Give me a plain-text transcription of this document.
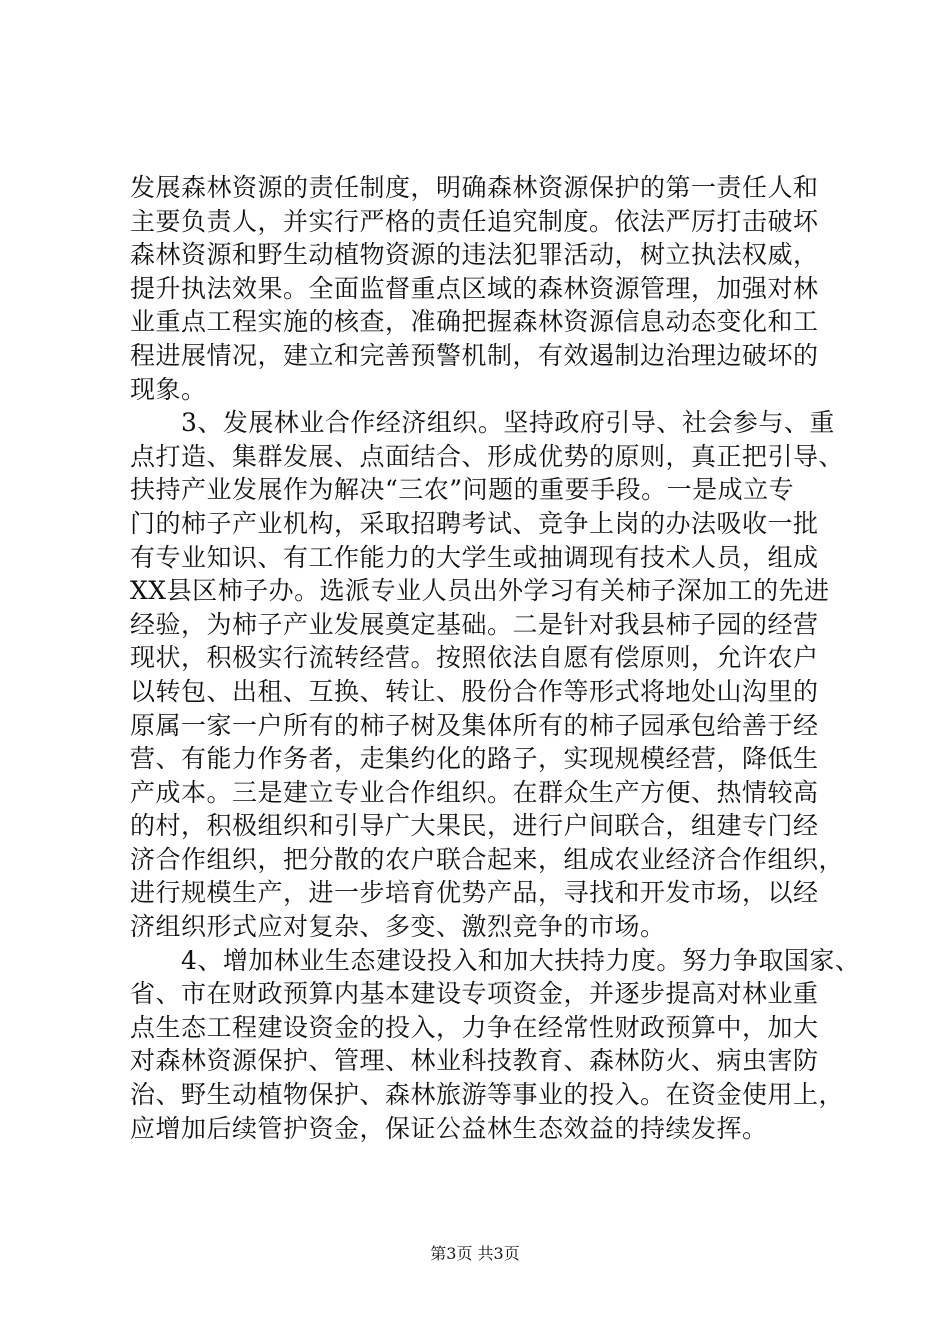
发展森林资源的责任制度，明确森林资源保护的第一责任人和
主要负责人，并实行严格的责任追究制度。依法严厉打击破坏
森林资源和野生动植物资源的违法犯罪活动，树立执法权威，
提升执法效果。全面监督重点区域的森林资源管理，加强对林
业重点工程实施的核查，准确把握森林资源信息动态变化和工
程进展情况，建立和完善预警机制，有效遏制边治理边破坏的
现象。
　　3、发展林业合作经济组织。坚持政府引导、社会参与、重
点打造、集群发展、点面结合、形成优势的原则，真正把引导、
扶持产业发展作为解决“三农”问题的重要手段。一是成立专
门的柿子产业机构，采取招聘考试、竞争上岗的办法吸收一批
有专业知识、有工作能力的大学生或抽调现有技术人员，组成
XX县区柿子办。选派专业人员出外学习有关柿子深加工的先进
经验，为柿子产业发展奠定基础。二是针对我县柿子园的经营
现状，积极实行流转经营。按照依法自愿有偿原则，允许农户
以转包、出租、互换、转让、股份合作等形式将地处山沟里的
原属一家一户所有的柿子树及集体所有的柿子园承包给善于经
营、有能力作务者，走集约化的路子，实现规模经营，降低生
产成本。三是建立专业合作组织。在群众生产方便、热情较高
的村，积极组织和引导广大果民，进行户间联合，组建专门经
济合作组织，把分散的农户联合起来，组成农业经济合作组织，
进行规模生产，进一步培育优势产品，寻找和开发市场，以经
济组织形式应对复杂、多变、激烈竞争的市场。
　　4、增加林业生态建设投入和加大扶持力度。努力争取国家、
省、市在财政预算内基本建设专项资金，并逐步提高对林业重
点生态工程建设资金的投入，力争在经常性财政预算中，加大
对森林资源保护、管理、林业科技教育、森林防火、病虫害防
治、野生动植物保护、森林旅游等事业的投入。在资金使用上，
应增加后续管护资金，保证公益林生态效益的持续发挥。
第3页 共3页
